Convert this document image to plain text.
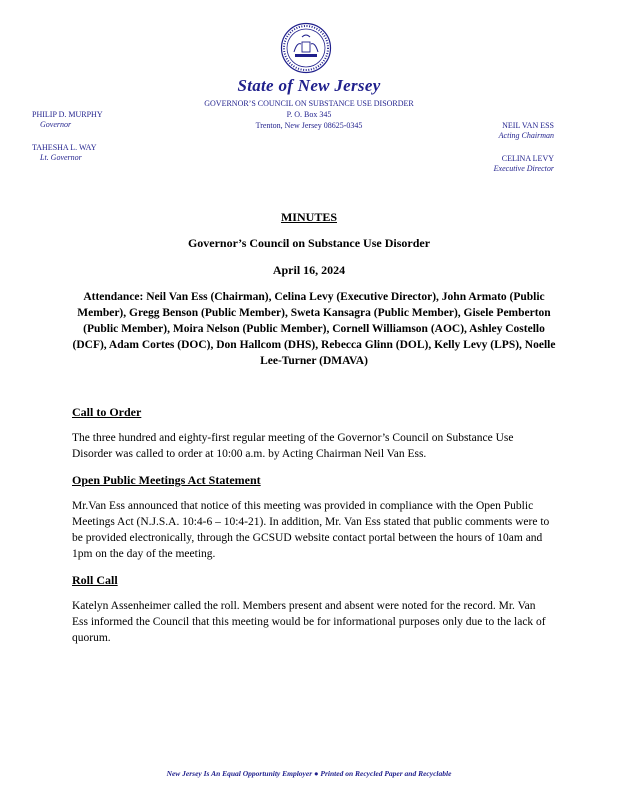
State of New Jersey
GOVERNOR’S COUNCIL ON SUBSTANCE USE DISORDER
P. O. Box 345
Trenton, New Jersey 08625-0345
PHILIP D. MURPHY
Governor
TAHESHA L. WAY
Lt. Governor
NEIL VAN ESS
Acting Chairman
CELINA LEVY
Executive Director
MINUTES
Governor’s Council on Substance Use Disorder
April 16, 2024
Attendance: Neil Van Ess (Chairman), Celina Levy (Executive Director), John Armato (Public Member), Gregg Benson (Public Member), Sweta Kansagra (Public Member), Gisele Pemberton (Public Member), Moira Nelson (Public Member), Cornell Williamson (AOC), Ashley Costello (DCF), Adam Cortes (DOC), Don Hallcom (DHS), Rebecca Glinn (DOL), Kelly Levy (LPS), Noelle Lee-Turner (DMAVA)
Call to Order
The three hundred and eighty-first regular meeting of the Governor’s Council on Substance Use Disorder was called to order at 10:00 a.m. by Acting Chairman Neil Van Ess.
Open Public Meetings Act Statement
Mr.Van Ess announced that notice of this meeting was provided in compliance with the Open Public Meetings Act (N.J.S.A. 10:4-6 – 10:4-21). In addition, Mr. Van Ess stated that public comments were to be provided electronically, through the GCSUD website contact portal between the hours of 10am and 1pm on the day of the meeting.
Roll Call
Katelyn Assenheimer called the roll. Members present and absent were noted for the record. Mr. Van Ess informed the Council that this meeting would be for informational purposes only due to the lack of quorum.
New Jersey Is An Equal Opportunity Employer ● Printed on Recycled Paper and Recyclable
